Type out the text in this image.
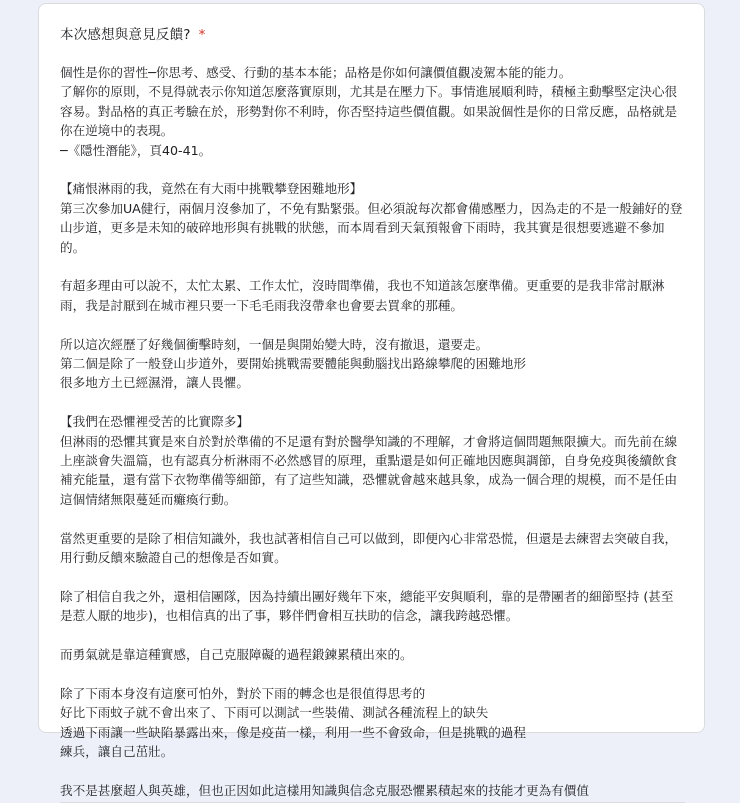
本次感想與意見反饋? *
個性是你的習性─你思考、感受、行動的基本本能；品格是你如何讓價值觀凌駕本能的能力。
了解你的原則，不見得就表示你知道怎麼落實原則，尤其是在壓力下。事情進展順利時，積極主動擊堅定決心很容易。對品格的真正考驗在於，形勢對你不利時，你否堅持這些價值觀。如果說個性是你的日常反應，品格就是你在逆境中的表現。
─《隱性潛能》，頁40-41。
【痛恨淋雨的我，竟然在有大雨中挑戰攀登困難地形】
第三次參加UA健行，兩個月沒參加了，不免有點緊張。但必須說每次都會備感壓力，因為走的不是一般鋪好的登山步道，更多是未知的破碎地形與有挑戰的狀態，而本周看到天氣預報會下雨時，我其實是很想要逃避不參加的。
有超多理由可以說不，太忙太累、工作太忙，沒時間準備，我也不知道該怎麼準備。更重要的是我非常討厭淋雨，我是討厭到在城市裡只要一下毛毛雨我沒帶傘也會要去買傘的那種。
所以這次經歷了好幾個衝擊時刻，一個是與開始變大時，沒有撤退，還要走。
第二個是除了一般登山步道外，要開始挑戰需要體能與動腦找出路線攀爬的困難地形
很多地方土已經濕滑，讓人畏懼。
【我們在恐懼裡受苦的比實際多】
但淋雨的恐懼其實是來自於對於準備的不足還有對於醫學知識的不理解，才會將這個問題無限擴大。而先前在線上座談會失溫篇，也有認真分析淋雨不必然感冒的原理，重點還是如何正確地因應與調節，自身免疫與後續飲食補充能量，還有當下衣物準備等細節，有了這些知識，恐懼就會越來越具象，成為一個合理的規模，而不是任由這個情緒無限蔓延而癱瘓行動。
當然更重要的是除了相信知識外，我也試著相信自己可以做到，即便內心非常恐慌，但還是去練習去突破自我，用行動反饋來驗證自己的想像是否如實。
除了相信自我之外，還相信團隊，因為持續出團好幾年下來，總能平安與順利，靠的是帶團者的細節堅持 (甚至是惹人厭的地步)，也相信真的出了事，夥伴們會相互扶助的信念，讓我跨越恐懼。
而勇氣就是靠這種實感，自己克服障礙的過程鍛鍊累積出來的。
除了下雨本身沒有這麼可怕外，對於下雨的轉念也是很值得思考的
好比下雨蚊子就不會出來了、下雨可以測試一些裝備、測試各種流程上的缺失
透過下雨讓一些缺陷暴露出來，像是疫苗一樣，利用一些不會致命，但是挑戰的過程
練兵，讓自己茁壯。
我不是甚麼超人與英雄，但也正因如此這樣用知識與信念克服恐懼累積起來的技能才更為有價值
